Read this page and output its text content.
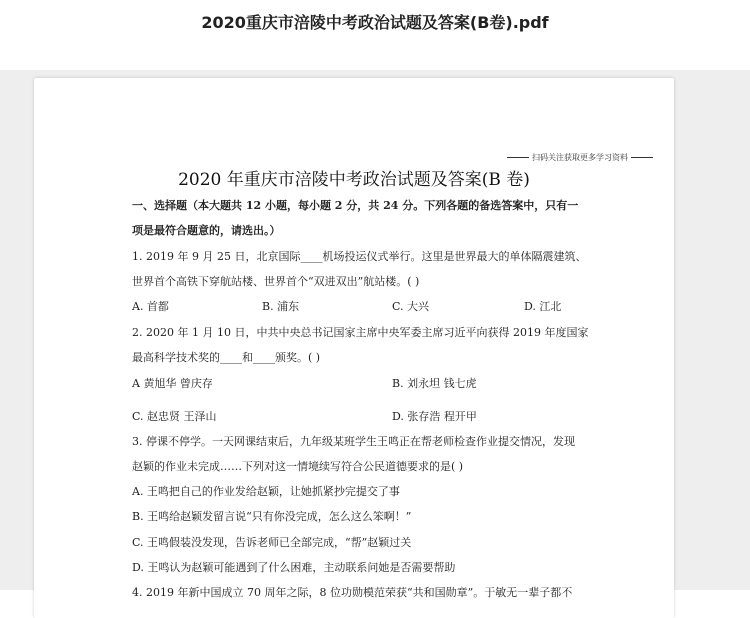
2020重庆市涪陵中考政治试题及答案(B卷).pdf
扫码关注获取更多学习资料
2020 年重庆市涪陵中考政治试题及答案(B 卷)
一、选择题（本大题共 12 小题，每小题 2 分，共 24 分。下列各题的备选答案中，只有一
项是最符合题意的，请选出。）
1. 2019 年 9 月 25 日，北京国际____机场投运仪式举行。这里是世界最大的单体隔震建筑、
世界首个高铁下穿航站楼、世界首个“双进双出”航站楼。( )
A. 首都	B. 浦东	C. 大兴	D. 江北
2. 2020 年 1 月 10 日，中共中央总书记国家主席中央军委主席习近平向获得 2019 年度国家
最高科学技术奖的____和____颁奖。( )
A 黄旭华 曾庆存	B. 刘永坦 钱七虎
C. 赵忠贤 王泽山	D. 张存浩 程开甲
3. 停课不停学。一天网课结束后，九年级某班学生王鸣正在帮老师检查作业提交情况，发现
赵颖的作业未完成……下列对这一情境续写符合公民道德要求的是( )
A. 王鸣把自己的作业发给赵颖，让她抓紧抄完提交了事
B. 王鸣给赵颖发留言说“只有你没完成，怎么这么笨啊！”
C. 王鸣假装没发现，告诉老师已全部完成，“帮”赵颖过关
D. 王鸣认为赵颖可能遇到了什么困难，主动联系问她是否需要帮助
4. 2019 年新中国成立 70 周年之际，8 位功勋模范荣获“共和国勋章”。于敏无一辈子都不
